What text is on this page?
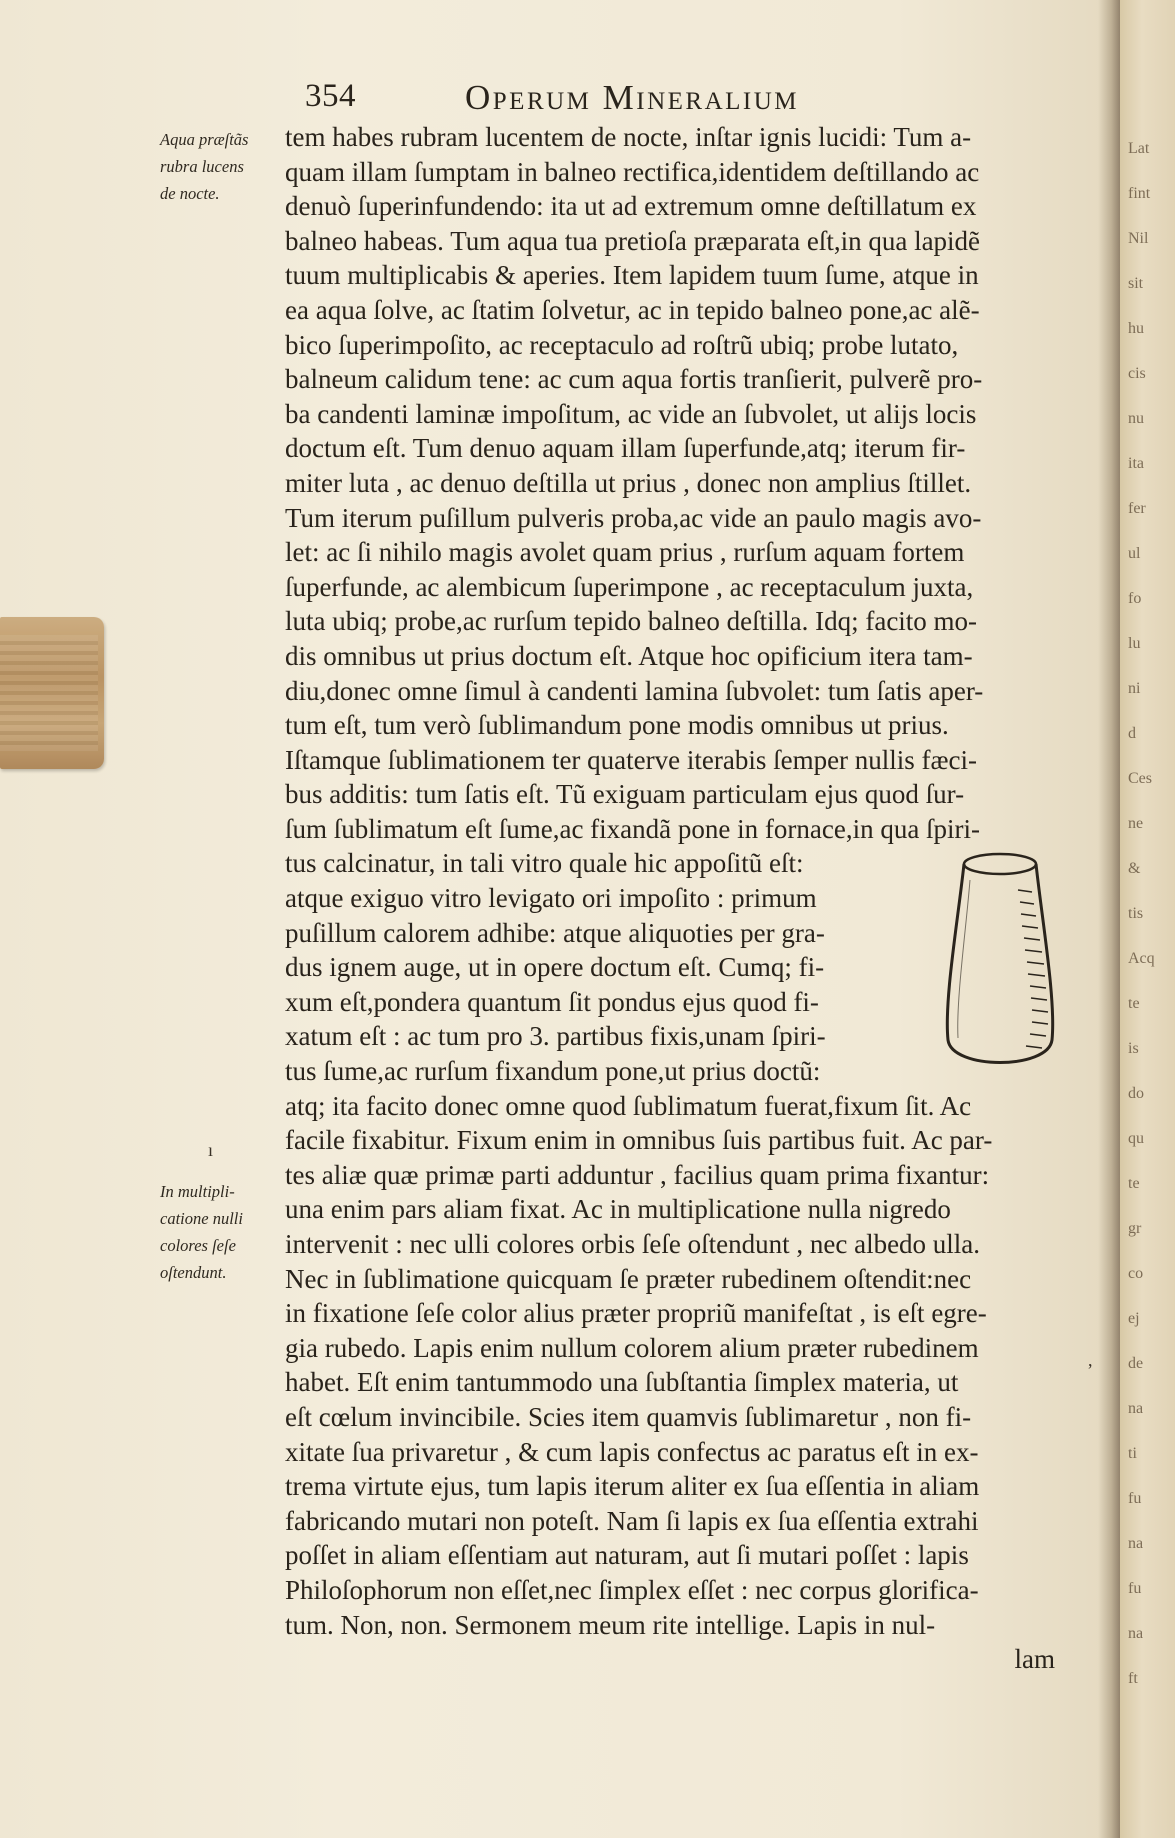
354	Operum Mineralium
Aqua præſtãs
rubra lucens
de nocte.
In multipli-
catione nulli
colores ſeſe
oſtendunt.
tem habes rubram lucentem de nocte, inſtar ignis lucidi: Tum a-
quam illam ſumptam in balneo rectifica,identidem deſtillando ac
denuò ſuperinfundendo: ita ut ad extremum omne deſtillatum ex
balneo habeas. Tum aqua tua pretioſa præparata eſt,in qua lapidẽ
tuum multiplicabis & aperies. Item lapidem tuum ſume, atque in
ea aqua ſolve, ac ſtatim ſolvetur, ac in tepido balneo pone,ac alẽ-
bico ſuperimpoſito, ac receptaculo ad roſtrũ ubiq; probe lutato,
balneum calidum tene: ac cum aqua fortis tranſierit, pulverẽ pro-
ba candenti laminæ impoſitum, ac vide an ſubvolet, ut alijs locis
doctum eſt. Tum denuo aquam illam ſuperfunde,atq; iterum fir-
miter luta , ac denuo deſtilla ut prius , donec non amplius ſtillet.
Tum iterum puſillum pulveris proba,ac vide an paulo magis avo-
let: ac ſi nihilo magis avolet quam prius , rurſum aquam fortem
ſuperfunde, ac alembicum ſuperimpone , ac receptaculum juxta,
luta ubiq; probe,ac rurſum tepido balneo deſtilla. Idq; facito mo-
dis omnibus ut prius doctum eſt. Atque hoc opificium itera tam-
diu,donec omne ſimul à candenti lamina ſubvolet: tum ſatis aper-
tum eſt, tum verò ſublimandum pone modis omnibus ut prius.
Iſtamque ſublimationem ter quaterve iterabis ſemper nullis fæci-
bus additis: tum ſatis eſt. Tũ exiguam particulam ejus quod ſur-
ſum ſublimatum eſt ſume,ac fixandã pone in fornace,in qua ſpiri-
tus calcinatur, in tali vitro quale hic appoſitũ eſt:
atque exiguo vitro levigato ori impoſito : primum
puſillum calorem adhibe: atque aliquoties per gra-
dus ignem auge, ut in opere doctum eſt. Cumq; fi-
xum eſt,pondera quantum ſit pondus ejus quod fi-
xatum eſt : ac tum pro 3. partibus fixis,unam ſpiri-
tus ſume,ac rurſum fixandum pone,ut prius doctũ:
atq; ita facito donec omne quod ſublimatum fuerat,fixum ſit. Ac
facile fixabitur. Fixum enim in omnibus ſuis partibus fuit. Ac par-
tes aliæ quæ primæ parti adduntur , facilius quam prima fixantur:
una enim pars aliam fixat. Ac in multiplicatione nulla nigredo
intervenit : nec ulli colores orbis ſeſe oſtendunt , nec albedo ulla.
Nec in ſublimatione quicquam ſe præter rubedinem oſtendit:nec
in fixatione ſeſe color alius præter propriũ manifeſtat , is eſt egre-
gia rubedo. Lapis enim nullum colorem alium præter rubedinem
habet. Eſt enim tantummodo una ſubſtantia ſimplex materia, ut
eſt cœlum invincibile. Scies item quamvis ſublimaretur , non fi-
xitate ſua privaretur , & cum lapis confectus ac paratus eſt in ex-
trema virtute ejus, tum lapis iterum aliter ex ſua eſſentia in aliam
fabricando mutari non poteſt. Nam ſi lapis ex ſua eſſentia extrahi
poſſet in aliam eſſentiam aut naturam, aut ſi mutari poſſet : lapis
Philoſophorum non eſſet,nec ſimplex eſſet : nec corpus glorifica-
tum. Non, non. Sermonem meum rite intellige. Lapis in nul-
lam
ı
,
Lat
fint
Nil
sit
hu
cis
nu
ita
fer
ul
fo
lu
ni
d
Ces
ne
&
tis
Acq
te
is
do
qu
te
gr
co
ej
de
na
ti
fu
na
fu
na
ft
